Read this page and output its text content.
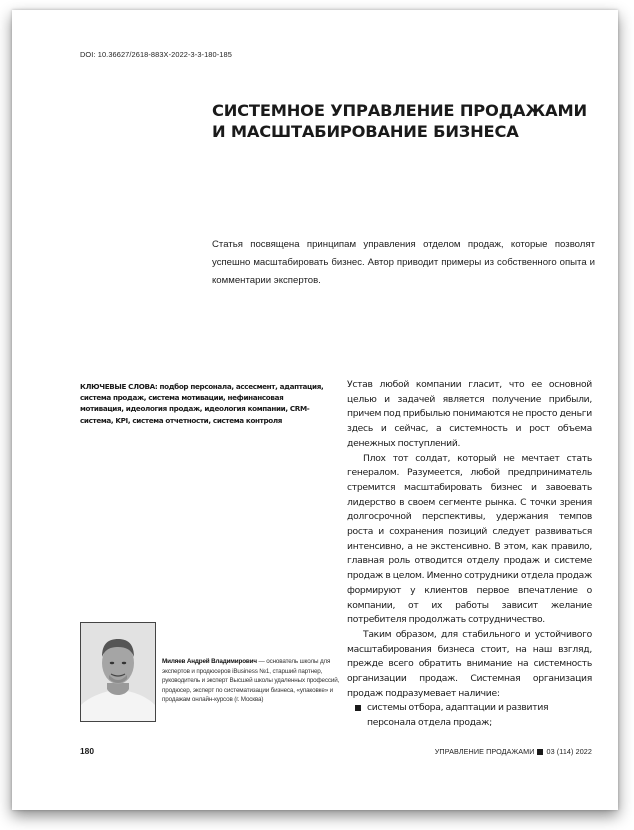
DOI: 10.36627/2618-883X-2022-3-3-180-185
СИСТЕМНОЕ УПРАВЛЕНИЕ ПРОДАЖАМИ
И МАСШТАБИРОВАНИЕ БИЗНЕСА

Статья посвящена принципам управления отделом продаж, которые позволят успешно масштабировать бизнес. Автор приводит примеры из собственного опыта и комментарии экспертов.

КЛЮЧЕВЫЕ СЛОВА: подбор персонала, ассесмент, адаптация, система продаж, система мотивации, нефинансовая мотивация, идеология продаж, идеология компании, CRM-система, KPI, система отчетности, система контроля

Миляев Андрей Владимирович — основатель школы для экспертов и продюсеров iBusiness №1, старший партнер, руководитель и эксперт Высшей школы удаленных профессий, продюсер, эксперт по систематизации бизнеса, «упаковке» и продажам онлайн-курсов (г. Москва)

Устав любой компании гласит, что ее основной целью и задачей является получение прибыли, причем под прибылью понимаются не просто деньги здесь и сейчас, а системность и рост объема денежных поступлений.

Плох тот солдат, который не мечтает стать генералом. Разумеется, любой предприниматель стремится масштабировать бизнес и завоевать лидерство в своем сегменте рынка. С точки зрения долгосрочной перспективы, удержания темпов роста и сохранения позиций следует развиваться интенсивно, а не экстенсивно. В этом, как правило, главная роль отводится отделу продаж и системе продаж в целом. Именно сотрудники отдела продаж формируют у клиентов первое впечатление о компании, от их работы зависит желание потребителя продолжать сотрудничество.

Таким образом, для стабильного и устойчивого масштабирования бизнеса стоит, на наш взгляд, прежде всего обратить внимание на системность организации продаж. Системная организация продаж подразумевает наличие:

системы отбора, адаптации и развития персонала отдела продаж;
180	УПРАВЛЕНИЕ ПРОДАЖАМИ 03 (114) 2022
